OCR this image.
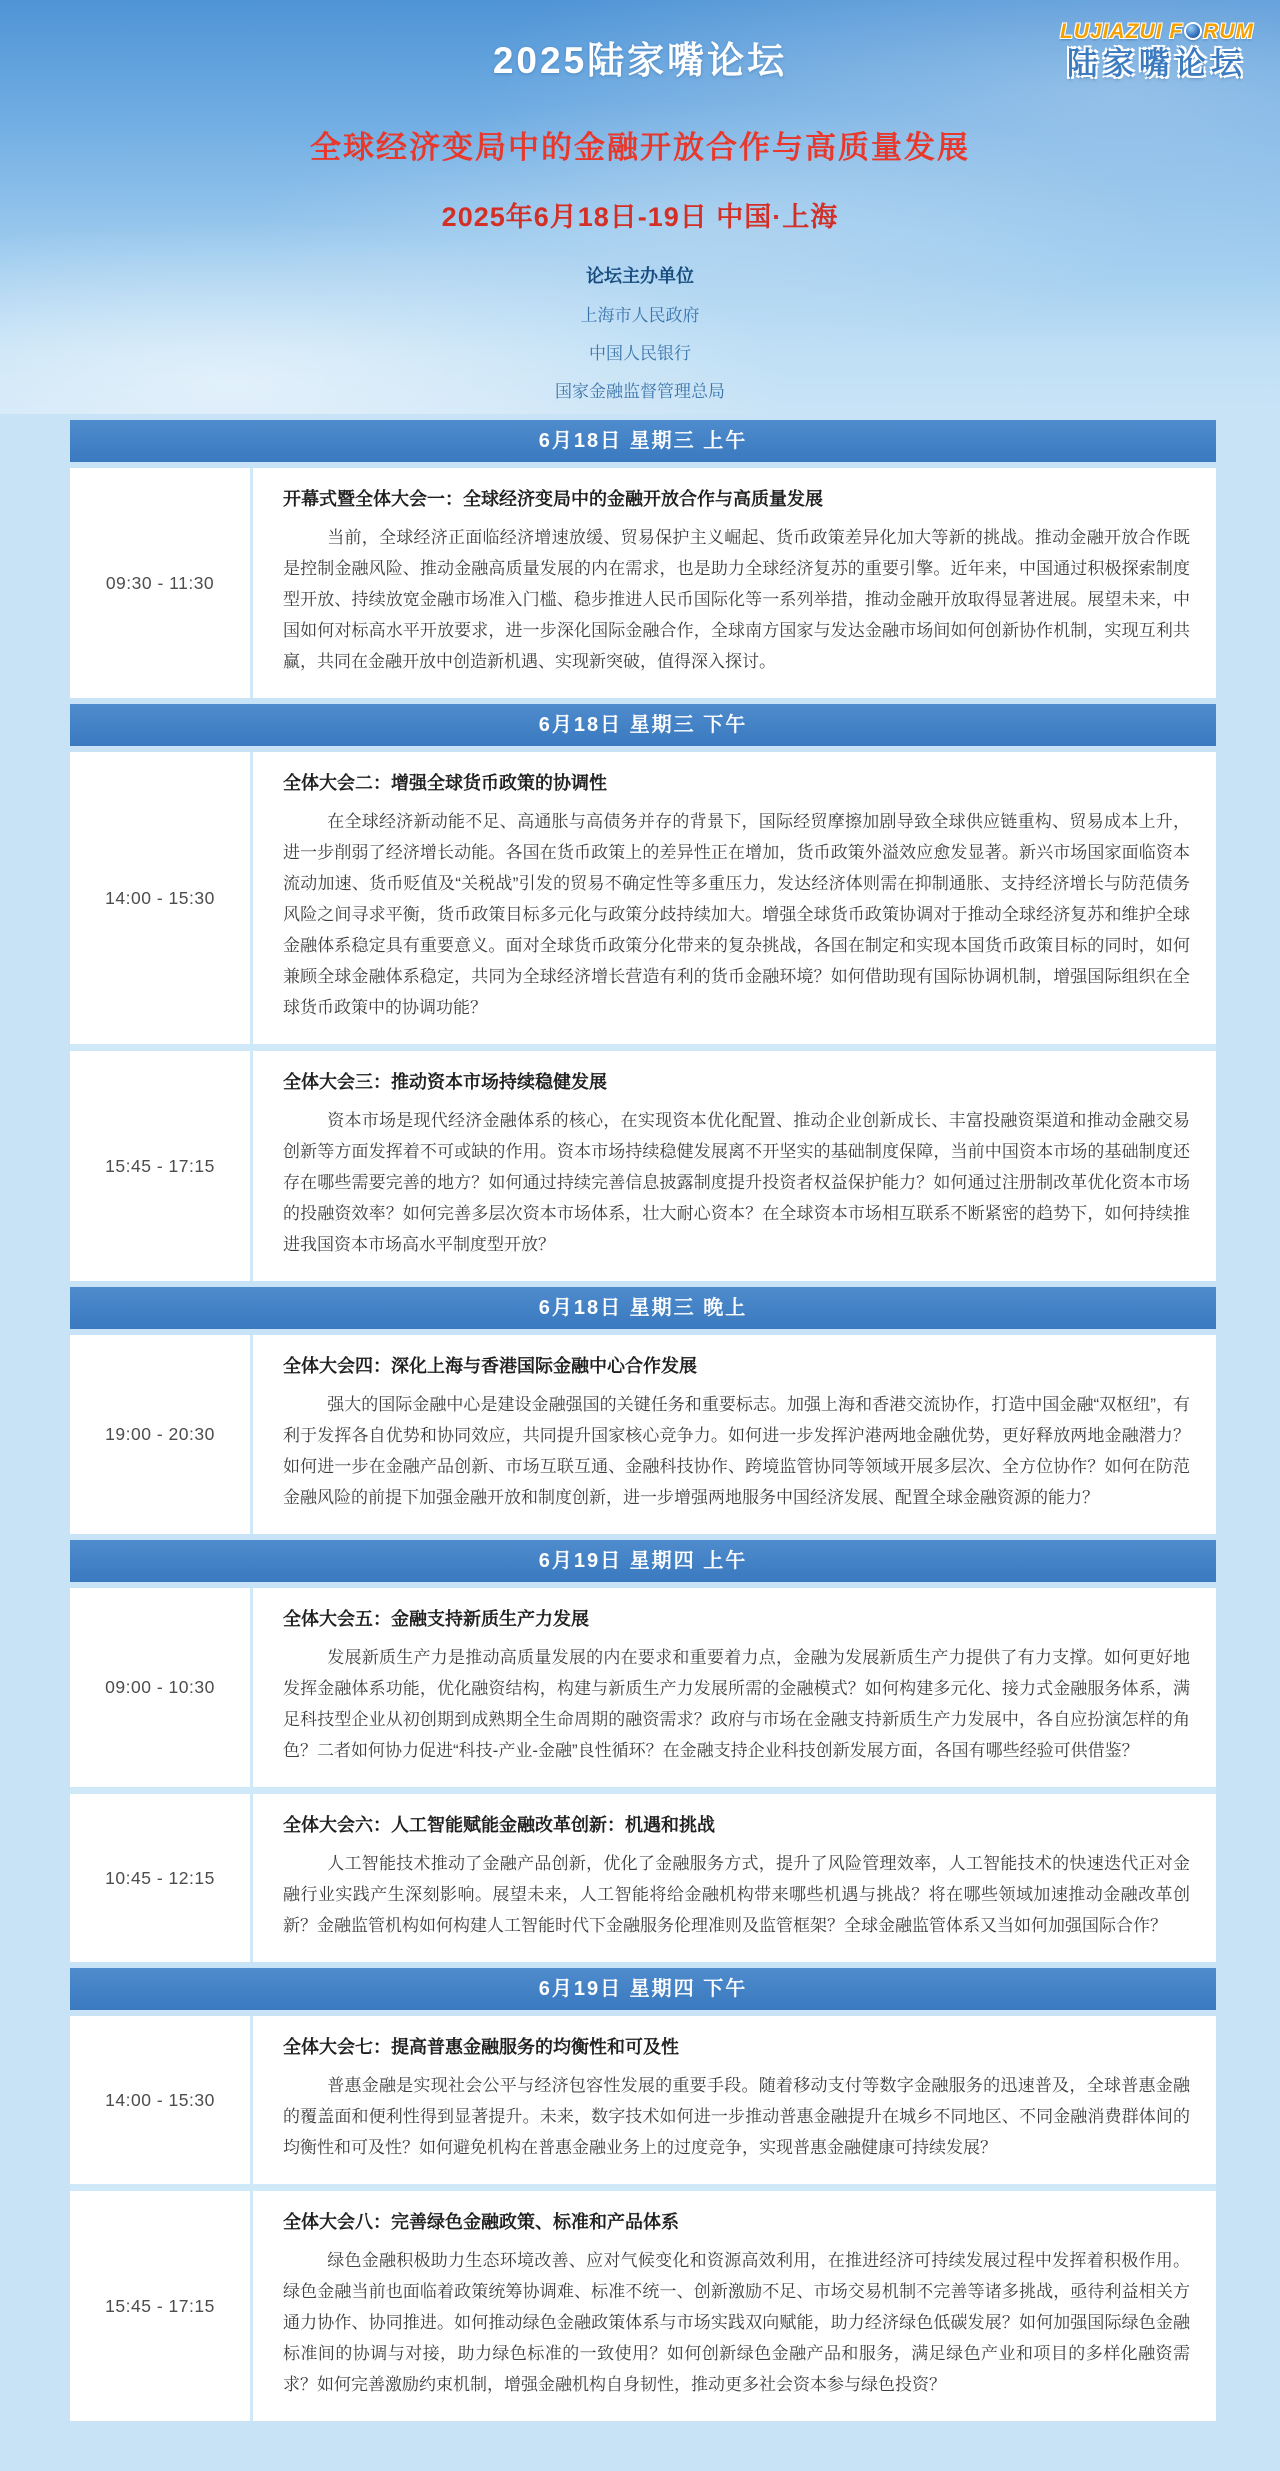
LUJIAZUI F RUM
陆家嘴论坛
2025陆家嘴论坛
全球经济变局中的金融开放合作与高质量发展
2025年6月18日-19日 中国·上海
论坛主办单位
上海市人民政府
中国人民银行
国家金融监督管理总局
6月18日 星期三 上午
09:30 - 11:30
开幕式暨全体大会一：全球经济变局中的金融开放合作与高质量发展
当前，全球经济正面临经济增速放缓、贸易保护主义崛起、货币政策差异化加大等新的挑战。推动金融开放合作既是控制金融风险、推动金融高质量发展的内在需求，也是助力全球经济复苏的重要引擎。近年来，中国通过积极探索制度型开放、持续放宽金融市场准入门槛、稳步推进人民币国际化等一系列举措，推动金融开放取得显著进展。展望未来，中国如何对标高水平开放要求，进一步深化国际金融合作，全球南方国家与发达金融市场间如何创新协作机制，实现互利共赢，共同在金融开放中创造新机遇、实现新突破，值得深入探讨。
6月18日 星期三 下午
14:00 - 15:30
全体大会二：增强全球货币政策的协调性
在全球经济新动能不足、高通胀与高债务并存的背景下，国际经贸摩擦加剧导致全球供应链重构、贸易成本上升，进一步削弱了经济增长动能。各国在货币政策上的差异性正在增加，货币政策外溢效应愈发显著。新兴市场国家面临资本流动加速、货币贬值及“关税战”引发的贸易不确定性等多重压力，发达经济体则需在抑制通胀、支持经济增长与防范债务风险之间寻求平衡，货币政策目标多元化与政策分歧持续加大。增强全球货币政策协调对于推动全球经济复苏和维护全球金融体系稳定具有重要意义。面对全球货币政策分化带来的复杂挑战，各国在制定和实现本国货币政策目标的同时，如何兼顾全球金融体系稳定，共同为全球经济增长营造有利的货币金融环境？如何借助现有国际协调机制，增强国际组织在全球货币政策中的协调功能？
15:45 - 17:15
全体大会三：推动资本市场持续稳健发展
资本市场是现代经济金融体系的核心，在实现资本优化配置、推动企业创新成长、丰富投融资渠道和推动金融交易创新等方面发挥着不可或缺的作用。资本市场持续稳健发展离不开坚实的基础制度保障，当前中国资本市场的基础制度还存在哪些需要完善的地方？如何通过持续完善信息披露制度提升投资者权益保护能力？如何通过注册制改革优化资本市场的投融资效率？如何完善多层次资本市场体系，壮大耐心资本？在全球资本市场相互联系不断紧密的趋势下，如何持续推进我国资本市场高水平制度型开放？
6月18日 星期三 晚上
19:00 - 20:30
全体大会四：深化上海与香港国际金融中心合作发展
强大的国际金融中心是建设金融强国的关键任务和重要标志。加强上海和香港交流协作，打造中国金融“双枢纽”，有利于发挥各自优势和协同效应，共同提升国家核心竞争力。如何进一步发挥沪港两地金融优势，更好释放两地金融潜力？如何进一步在金融产品创新、市场互联互通、金融科技协作、跨境监管协同等领域开展多层次、全方位协作？如何在防范金融风险的前提下加强金融开放和制度创新，进一步增强两地服务中国经济发展、配置全球金融资源的能力？
6月19日 星期四 上午
09:00 - 10:30
全体大会五：金融支持新质生产力发展
发展新质生产力是推动高质量发展的内在要求和重要着力点，金融为发展新质生产力提供了有力支撑。如何更好地发挥金融体系功能，优化融资结构，构建与新质生产力发展所需的金融模式？如何构建多元化、接力式金融服务体系，满足科技型企业从初创期到成熟期全生命周期的融资需求？政府与市场在金融支持新质生产力发展中，各自应扮演怎样的角色？二者如何协力促进“科技-产业-金融”良性循环？在金融支持企业科技创新发展方面，各国有哪些经验可供借鉴？
10:45 - 12:15
全体大会六：人工智能赋能金融改革创新：机遇和挑战
人工智能技术推动了金融产品创新，优化了金融服务方式，提升了风险管理效率，人工智能技术的快速迭代正对金融行业实践产生深刻影响。展望未来，人工智能将给金融机构带来哪些机遇与挑战？将在哪些领域加速推动金融改革创新？金融监管机构如何构建人工智能时代下金融服务伦理准则及监管框架？全球金融监管体系又当如何加强国际合作？
6月19日 星期四 下午
14:00 - 15:30
全体大会七：提高普惠金融服务的均衡性和可及性
普惠金融是实现社会公平与经济包容性发展的重要手段。随着移动支付等数字金融服务的迅速普及，全球普惠金融的覆盖面和便利性得到显著提升。未来，数字技术如何进一步推动普惠金融提升在城乡不同地区、不同金融消费群体间的均衡性和可及性？如何避免机构在普惠金融业务上的过度竞争，实现普惠金融健康可持续发展？
15:45 - 17:15
全体大会八：完善绿色金融政策、标准和产品体系
绿色金融积极助力生态环境改善、应对气候变化和资源高效利用，在推进经济可持续发展过程中发挥着积极作用。绿色金融当前也面临着政策统筹协调难、标准不统一、创新激励不足、市场交易机制不完善等诸多挑战，亟待利益相关方通力协作、协同推进。如何推动绿色金融政策体系与市场实践双向赋能，助力经济绿色低碳发展？如何加强国际绿色金融标准间的协调与对接，助力绿色标准的一致使用？如何创新绿色金融产品和服务，满足绿色产业和项目的多样化融资需求？如何完善激励约束机制，增强金融机构自身韧性，推动更多社会资本参与绿色投资？
